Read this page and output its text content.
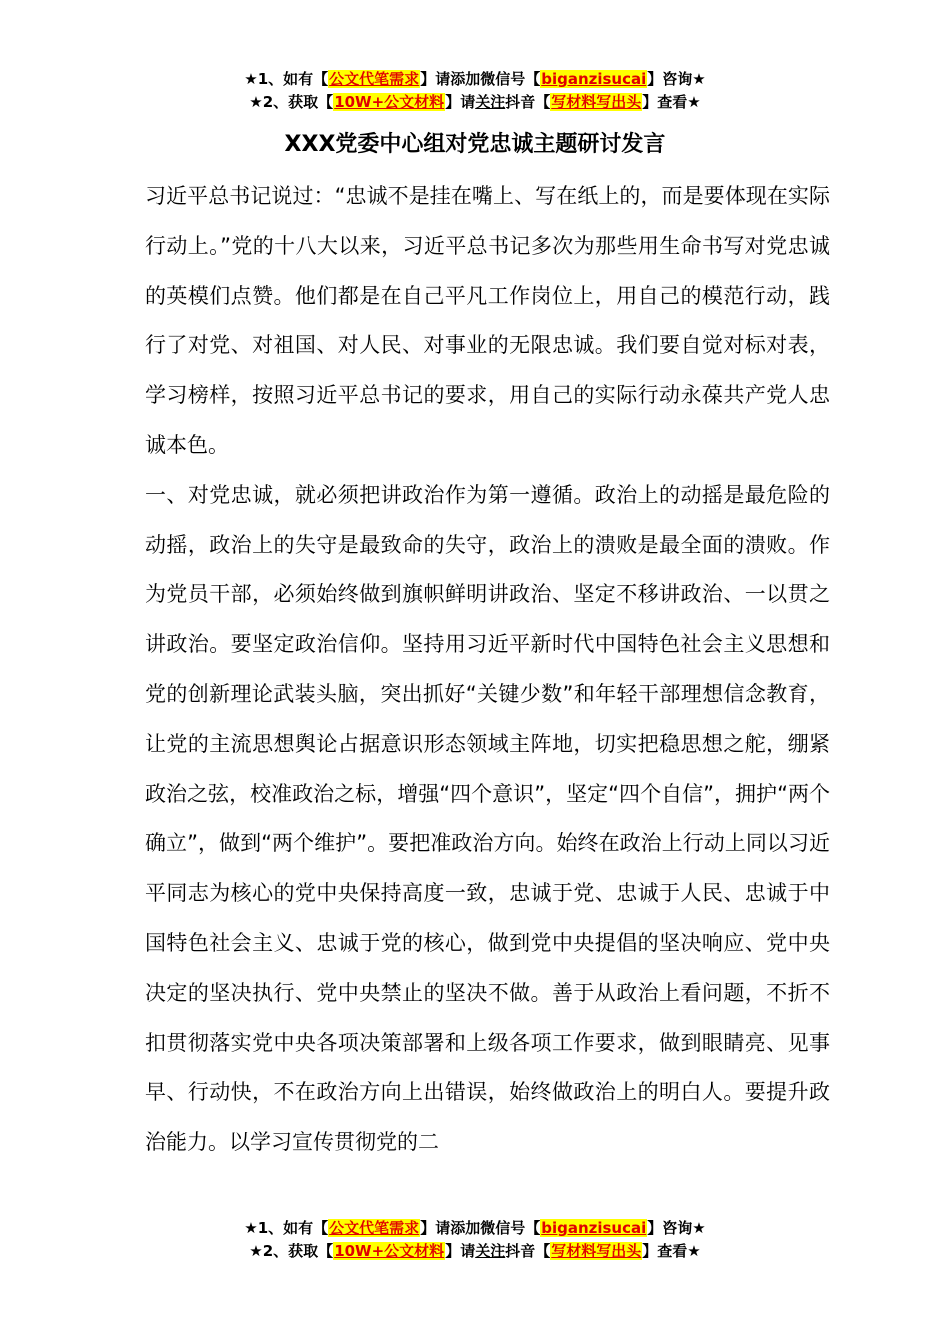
★1、如有【公文代笔需求】请添加微信号【biganzisucai】咨询★
★2、获取【10W+公文材料】请关注抖音【写材料写出头】查看★
XXX党委中心组对党忠诚主题研讨发言

习近平总书记说过：“忠诚不是挂在嘴上、写在纸上的，而是要体现在实际行动上。”党的十八大以来，习近平总书记多次为那些用生命书写对党忠诚的英模们点赞。他们都是在自己平凡工作岗位上，用自己的模范行动，践行了对党、对祖国、对人民、对事业的无限忠诚。我们要自觉对标对表，学习榜样，按照习近平总书记的要求，用自己的实际行动永葆共产党人忠诚本色。

一、对党忠诚，就必须把讲政治作为第一遵循。政治上的动摇是最危险的动摇，政治上的失守是最致命的失守，政治上的溃败是最全面的溃败。作为党员干部，必须始终做到旗帜鲜明讲政治、坚定不移讲政治、一以贯之讲政治。要坚定政治信仰。坚持用习近平新时代中国特色社会主义思想和党的创新理论武装头脑，突出抓好“关键少数”和年轻干部理想信念教育，让党的主流思想舆论占据意识形态领域主阵地，切实把稳思想之舵，绷紧政治之弦，校准政治之标，增强“四个意识”，坚定“四个自信”，拥护“两个确立”，做到“两个维护”。要把准政治方向。始终在政治上行动上同以习近平同志为核心的党中央保持高度一致，忠诚于党、忠诚于人民、忠诚于中国特色社会主义、忠诚于党的核心，做到党中央提倡的坚决响应、党中央决定的坚决执行、党中央禁止的坚决不做。善于从政治上看问题，不折不扣贯彻落实党中央各项决策部署和上级各项工作要求，做到眼睛亮、见事早、行动快，不在政治方向上出错误，始终做政治上的明白人。要提升政治能力。以学习宣传贯彻党的二

★1、如有【公文代笔需求】请添加微信号【biganzisucai】咨询★
★2、获取【10W+公文材料】请关注抖音【写材料写出头】查看★
